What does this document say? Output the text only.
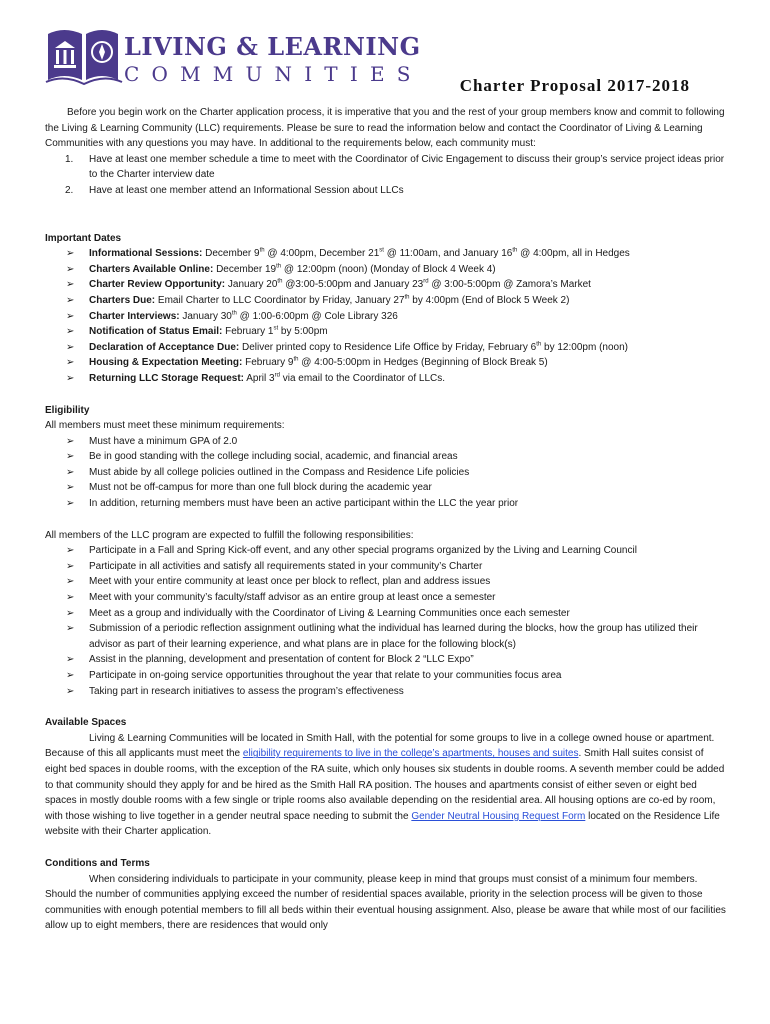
LIVING & LEARNING
COMMUNITIES Charter Proposal 2017-2018

Before you begin work on the Charter application process, it is imperative that you and the rest of your group members know and commit to following the Living & Learning Community (LLC) requirements. Please be sure to read the information below and contact the Coordinator of Living & Learning Communities with any questions you may have. In additional to the requirements below, each community must:

1. Have at least one member schedule a time to meet with the Coordinator of Civic Engagement to discuss their group’s service project ideas prior to the Charter interview date
2. Have at least one member attend an Informational Session about LLCs
Important Dates
➢ Informational Sessions: December 9th @ 4:00pm, December 21st @ 11:00am, and January 16th @ 4:00pm, all in Hedges
➢ Charters Available Online: December 19th @ 12:00pm (noon) (Monday of Block 4 Week 4)
➢ Charter Review Opportunity: January 20th @3:00-5:00pm and January 23rd @ 3:00-5:00pm @ Zamora’s Market
➢ Charters Due: Email Charter to LLC Coordinator by Friday, January 27th by 4:00pm (End of Block 5 Week 2)
➢ Charter Interviews: January 30th @ 1:00-6:00pm @ Cole Library 326
➢ Notification of Status Email: February 1st by 5:00pm
➢ Declaration of Acceptance Due: Deliver printed copy to Residence Life Office by Friday, February 6th by 12:00pm (noon)
➢ Housing & Expectation Meeting: February 9th @ 4:00-5:00pm in Hedges (Beginning of Block Break 5)
➢ Returning LLC Storage Request: April 3rd via email to the Coordinator of LLCs.
Eligibility

All members must meet these minimum requirements:

➢ Must have a minimum GPA of 2.0
➢ Be in good standing with the college including social, academic, and financial areas
➢ Must abide by all college policies outlined in the Compass and Residence Life policies
➢ Must not be off-campus for more than one full block during the academic year
➢ In addition, returning members must have been an active participant within the LLC the year prior

All members of the LLC program are expected to fulfill the following responsibilities:

➢ Participate in a Fall and Spring Kick-off event, and any other special programs organized by the Living and Learning Council
➢ Participate in all activities and satisfy all requirements stated in your community’s Charter
➢ Meet with your entire community at least once per block to reflect, plan and address issues
➢ Meet with your community’s faculty/staff advisor as an entire group at least once a semester
➢ Meet as a group and individually with the Coordinator of Living & Learning Communities once each semester
➢ Submission of a periodic reflection assignment outlining what the individual has learned during the blocks, how the group has utilized their advisor as part of their learning experience, and what plans are in place for the following block(s)
➢ Assist in the planning, development and presentation of content for Block 2 “LLC Expo”
➢ Participate in on-going service opportunities throughout the year that relate to your communities focus area
➢ Taking part in research initiatives to assess the program’s effectiveness
Available Spaces

Living & Learning Communities will be located in Smith Hall, with the potential for some groups to live in a college owned house or apartment. Because of this all applicants must meet the eligibility requirements to live in the college’s apartments, houses and suites. Smith Hall suites consist of eight bed spaces in double rooms, with the exception of the RA suite, which only houses six students in double rooms. A seventh member could be added to that community should they apply for and be hired as the Smith Hall RA position. The houses and apartments consist of either seven or eight bed spaces in mostly double rooms with a few single or triple rooms also available depending on the residential area. All housing options are co-ed by room, with those wishing to live together in a gender neutral space needing to submit the Gender Neutral Housing Request Form located on the Residence Life website with their Charter application.

Conditions and Terms

When considering individuals to participate in your community, please keep in mind that groups must consist of a minimum four members. Should the number of communities applying exceed the number of residential spaces available, priority in the selection process will be given to those communities with enough potential members to fill all beds within their eventual housing assignment. Also, please be aware that while most of our facilities allow up to eight members, there are residences that would only
